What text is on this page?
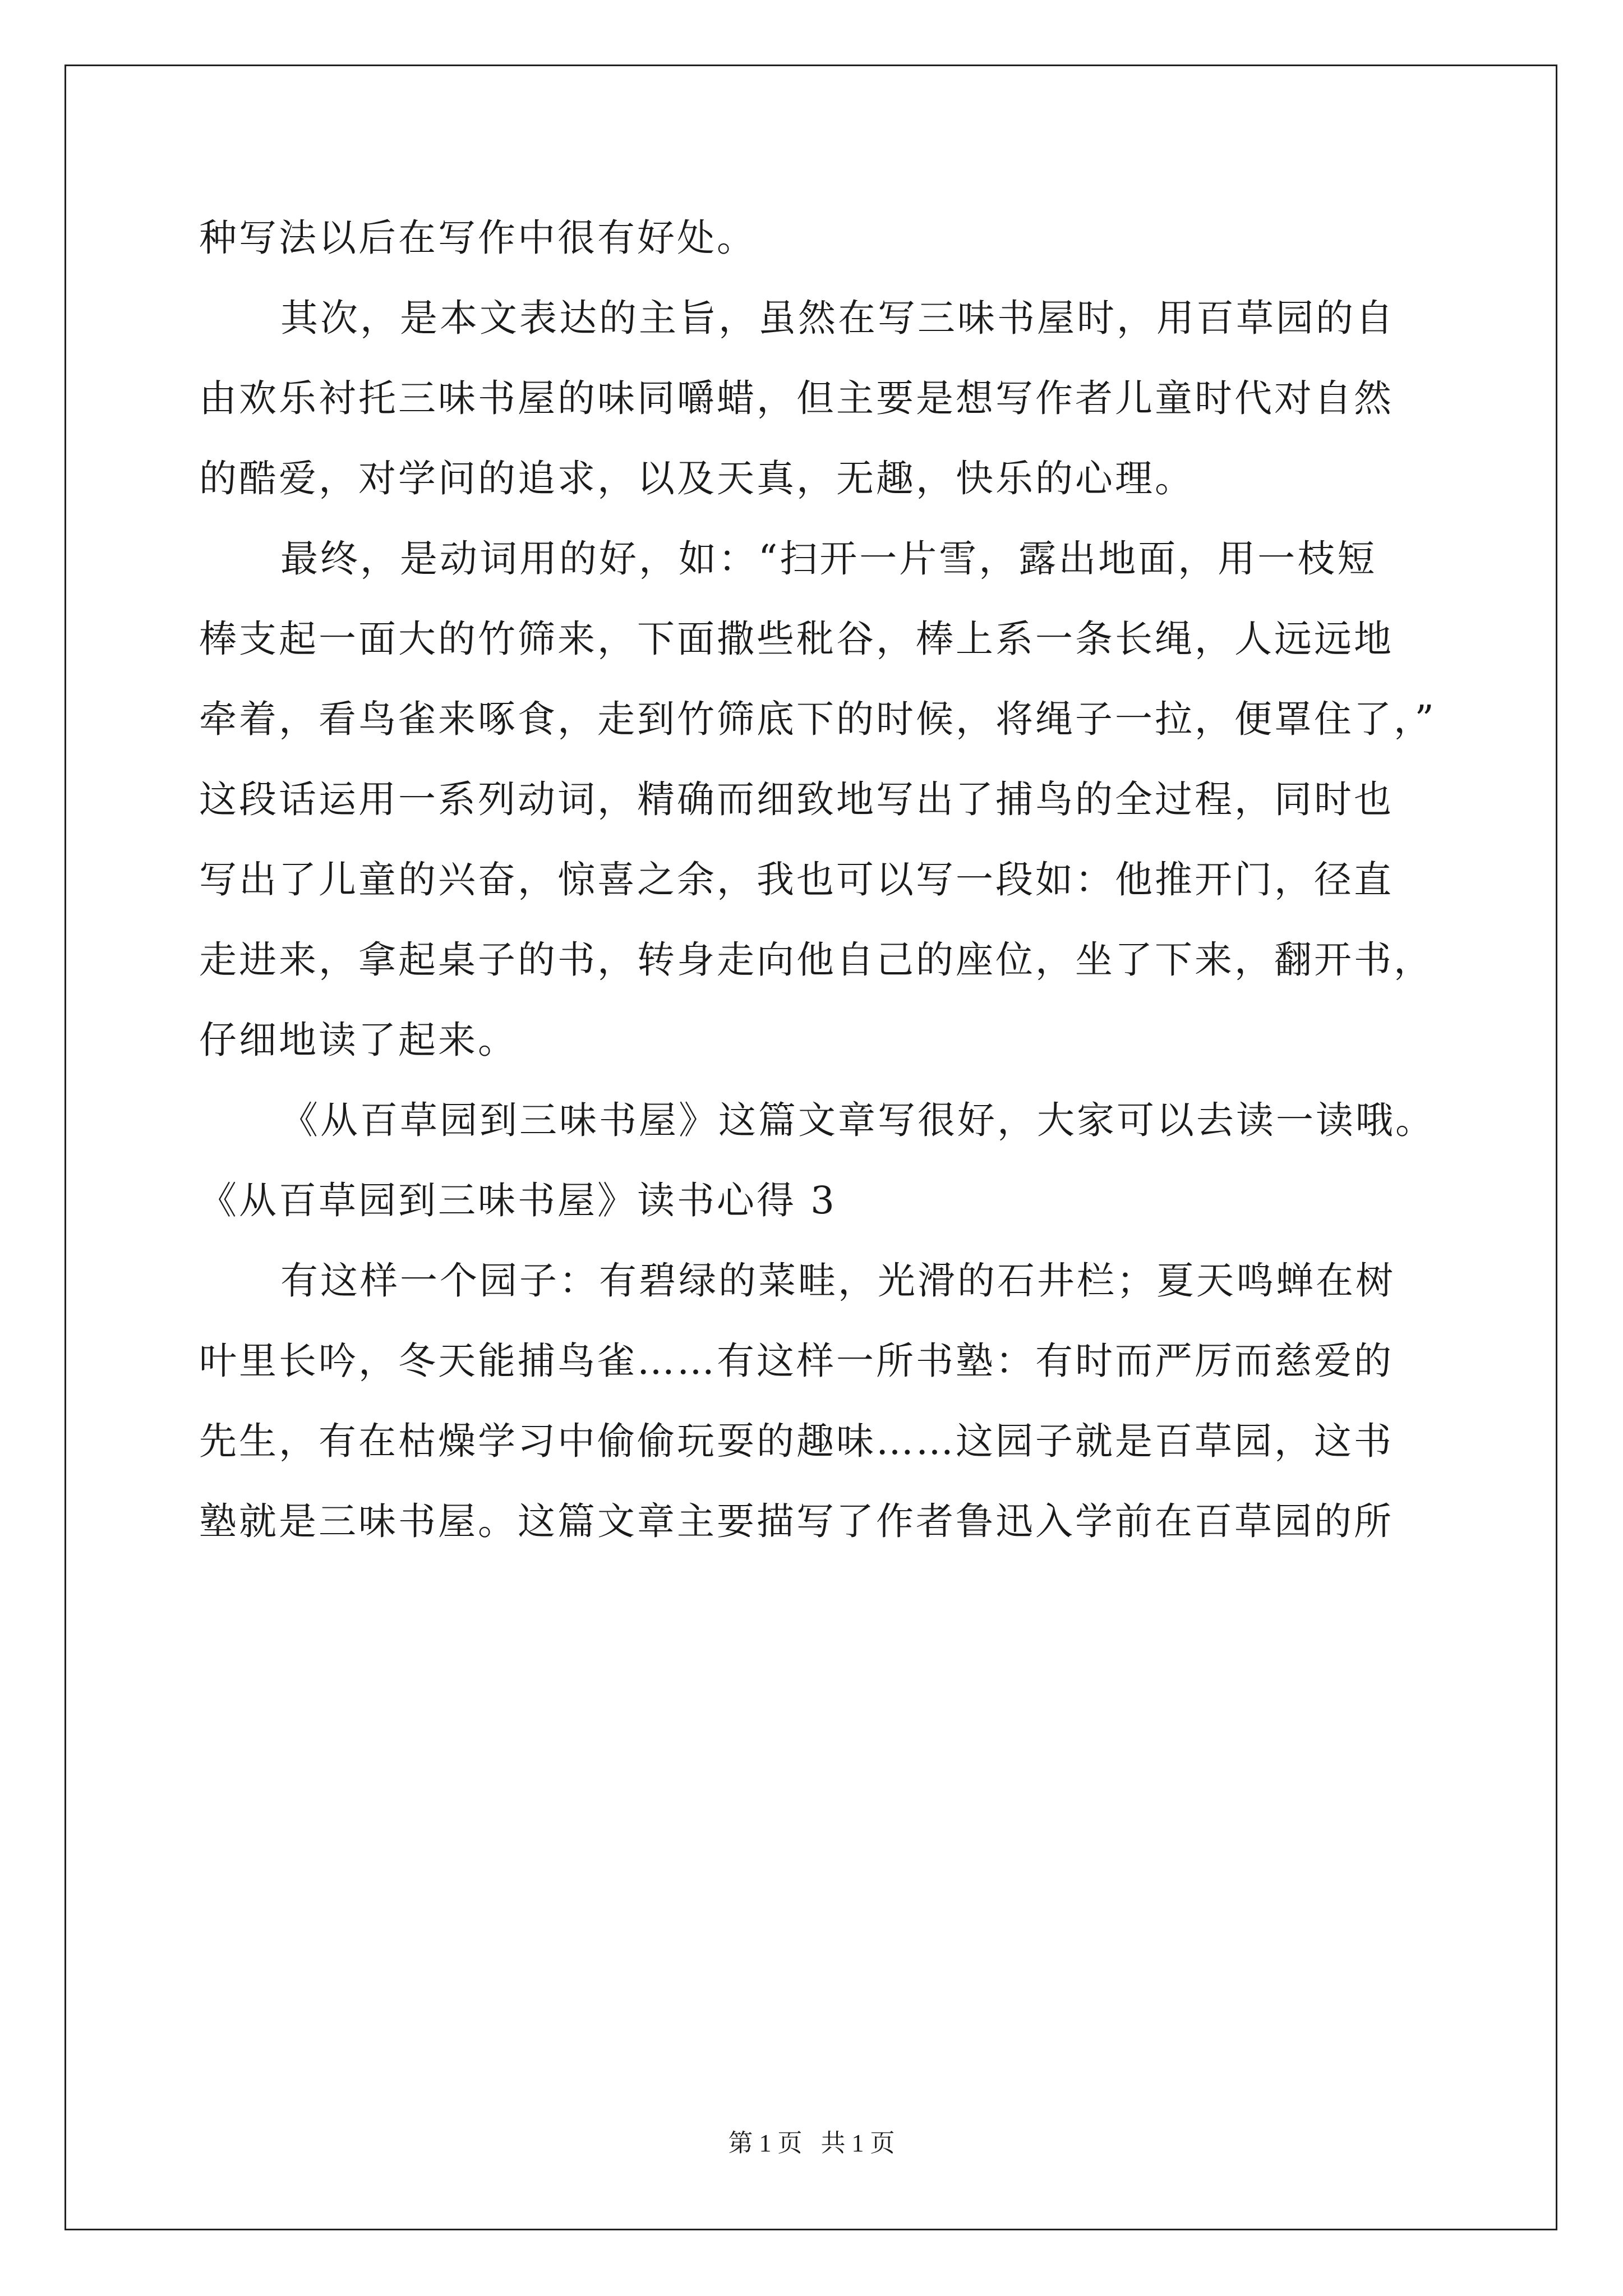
种写法以后在写作中很有好处。
其次，是本文表达的主旨，虽然在写三味书屋时，用百草园的自
由欢乐衬托三味书屋的味同嚼蜡，但主要是想写作者儿童时代对自然
的酷爱，对学问的追求，以及天真，无趣，快乐的心理。
最终，是动词用的好，如：“扫开一片雪，露出地面，用一枝短
棒支起一面大的竹筛来，下面撒些秕谷，棒上系一条长绳，人远远地
牵着，看鸟雀来啄食，走到竹筛底下的时候，将绳子一拉，便罩住了，”
这段话运用一系列动词，精确而细致地写出了捕鸟的全过程，同时也
写出了儿童的兴奋，惊喜之余，我也可以写一段如：他推开门，径直
走进来，拿起桌子的书，转身走向他自己的座位，坐了下来，翻开书，
仔细地读了起来。
《从百草园到三味书屋》这篇文章写很好，大家可以去读一读哦。
《从百草园到三味书屋》读书心得 3
有这样一个园子：有碧绿的菜畦，光滑的石井栏；夏天鸣蝉在树
叶里长吟，冬天能捕鸟雀……有这样一所书塾：有时而严厉而慈爱的
先生，有在枯燥学习中偷偷玩耍的趣味……这园子就是百草园，这书
塾就是三味书屋。这篇文章主要描写了作者鲁迅入学前在百草园的所
第 1 页   共 1 页
